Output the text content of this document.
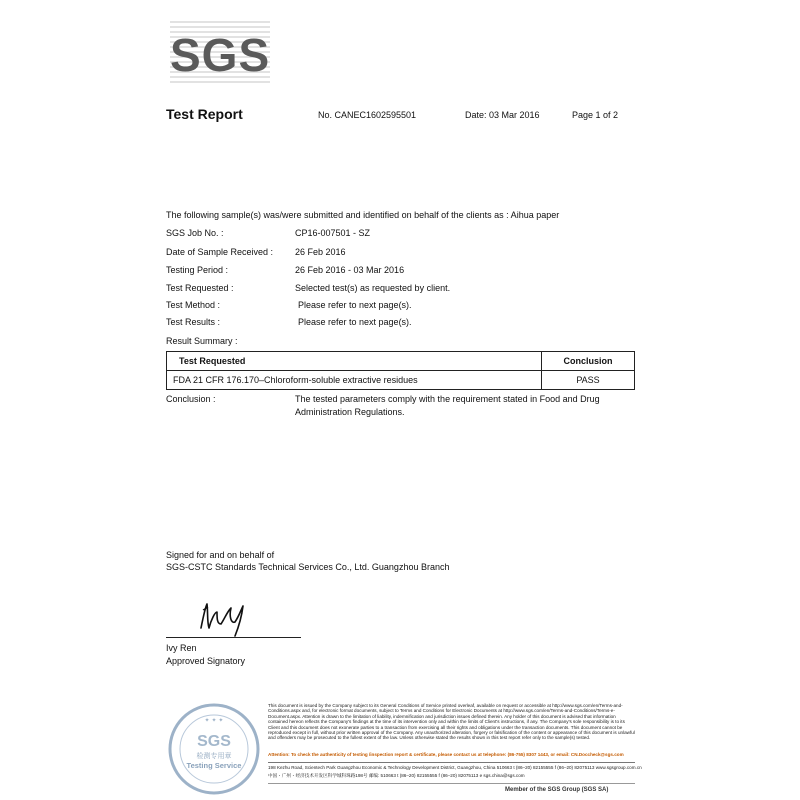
SGS
Test Report	No. CANEC1602595501	Date: 03 Mar 2016	Page 1 of 2
The following sample(s) was/were submitted and identified on behalf of the clients as : Aihua paper
SGS Job No. :	CP16-007501 - SZ
Date of Sample Received : 26 Feb 2016
Testing Period :	26 Feb 2016 - 03 Mar 2016
Test Requested :	Selected test(s) as requested by client.
Test Method :	Please refer to next page(s).
Test Results :	Please refer to next page(s).
Result Summary :
Test Requested	Conclusion
FDA 21 CFR 176.170–Chloroform-soluble extractive residues	PASS
Conclusion :	The tested parameters comply with the requirement stated in Food and Drug
Administration Regulations.
Signed for and on behalf of
SGS-CSTC Standards Technical Services Co., Ltd. Guangzhou Branch
Ivy Ren
Approved Signatory
✦ ✦ ✦
SGS
检测专用章
Testing Service
This document is issued by the Company subject to its General Conditions of Service printed overleaf, available on request or accessible at http://www.sgs.com/en/Terms-and-Conditions.aspx and, for electronic format documents, subject to Terms and Conditions for Electronic Documents at http://www.sgs.com/en/Terms-and-Conditions/Terms-e-Document.aspx. Attention is drawn to the limitation of liability, indemnification and jurisdiction issues defined therein. Any holder of this document is advised that information contained hereon reflects the Company's findings at the time of its intervention only and within the limits of Client's instructions, if any. The Company's sole responsibility is to its Client and this document does not exonerate parties to a transaction from exercising all their rights and obligations under the transaction documents. This document cannot be reproduced except in full, without prior written approval of the Company. Any unauthorized alteration, forgery or falsification of the content or appearance of this document is unlawful and offenders may be prosecuted to the fullest extent of the law. Unless otherwise stated the results shown in this test report refer only to the sample(s) tested.
Attention: To check the authenticity of testing /inspection report & certificate, please contact us at telephone: (86-755) 8307 1443, or email: CN.Doccheck@sgs.com
198 Kezhu Road, Scientech Park Guangzhou Economic & Technology Development District, Guangzhou, China 510663 t (86–20) 82155555 f (86–20) 82075113 www.sgsgroup.com.cn
中国・广州・经济技术开发区科学城科珠路198号 邮编: 510663 t (86–20) 82155555 f (86–20) 82075113 e sgs.china@sgs.com
Member of the SGS Group (SGS SA)
